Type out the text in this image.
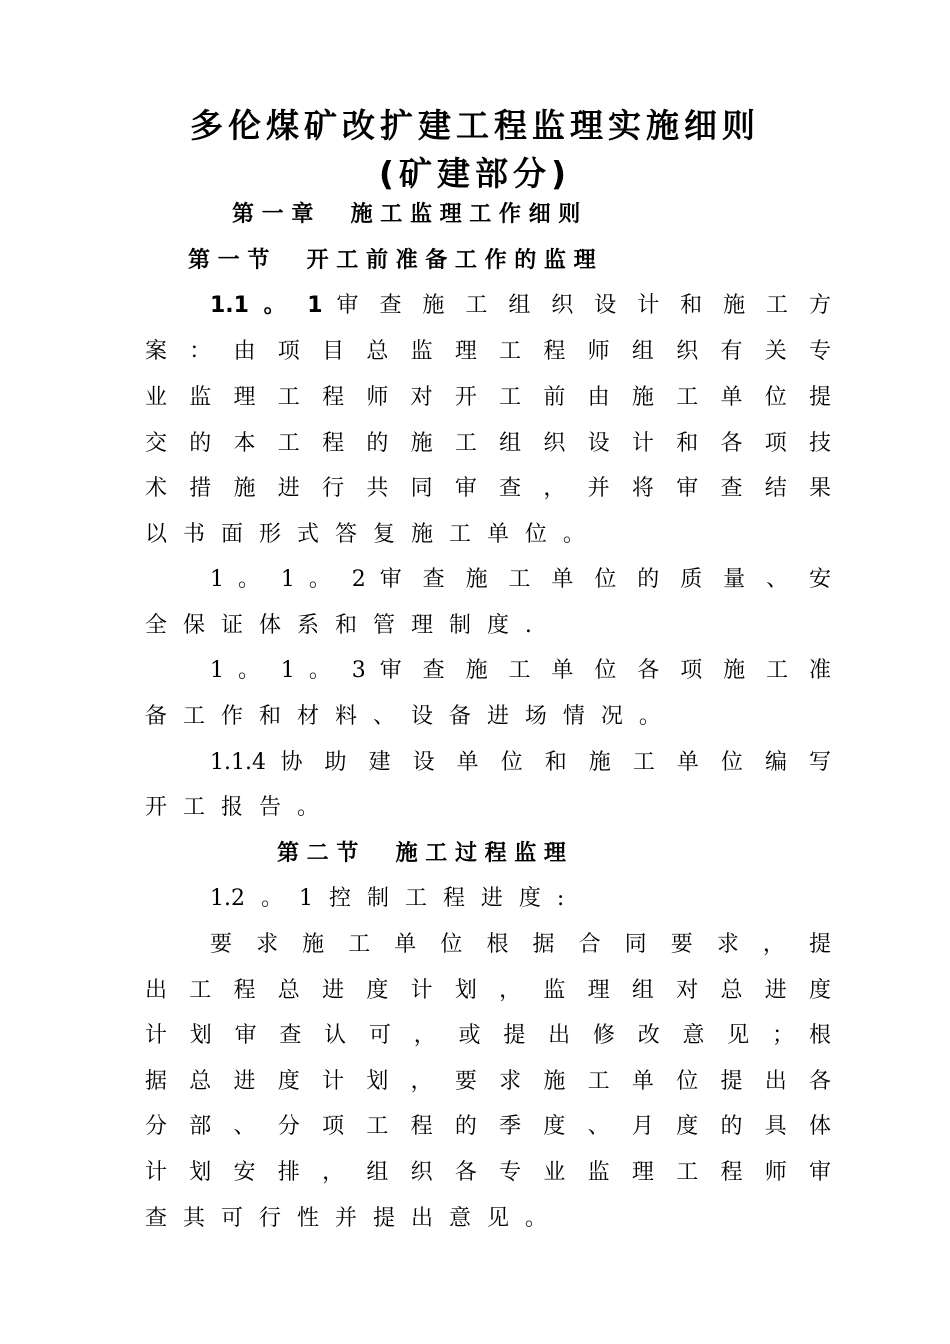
多伦煤矿改扩建工程监理实施细则
(矿建部分)
第 一 章 　 施 工 监 理 工 作 细 则
第 一 节 　 开 工 前 准 备 工 作 的 监 理
1.1 。 1 审 查 施 工 组 织 设 计 和 施 工 方
案 ： 由 项 目 总 监 理 工 程 师 组 织 有 关 专
业 监 理 工 程 师 对 开 工 前 由 施 工 单 位 提
交 的 本 工 程 的 施 工 组 织 设 计 和 各 项 技
术 措 施 进 行 共 同 审 查 ， 并 将 审 查 结 果
以 书 面 形 式 答 复 施 工 单 位 。
1 。 1 。 2 审 查 施 工 单 位 的 质 量 、 安
全 保 证 体 系 和 管 理 制 度 .
1 。 1 。 3 审 查 施 工 单 位 各 项 施 工 准
备 工 作 和 材 料 、 设 备 进 场 情 况 。
1.1.4 协 助 建 设 单 位 和 施 工 单 位 编 写
开 工 报 告 。
第 二 节 　 施 工 过 程 监 理
1.2 。 1 控 制 工 程 进 度 :
要 求 施 工 单 位 根 据 合 同 要 求 ， 提
出 工 程 总 进 度 计 划 ， 监 理 组 对 总 进 度
计 划 审 查 认 可 ， 或 提 出 修 改 意 见 ； 根
据 总 进 度 计 划 ， 要 求 施 工 单 位 提 出 各
分 部 、 分 项 工 程 的 季 度 、 月 度 的 具 体
计 划 安 排 ， 组 织 各 专 业 监 理 工 程 师 审
查 其 可 行 性 并 提 出 意 见 。
